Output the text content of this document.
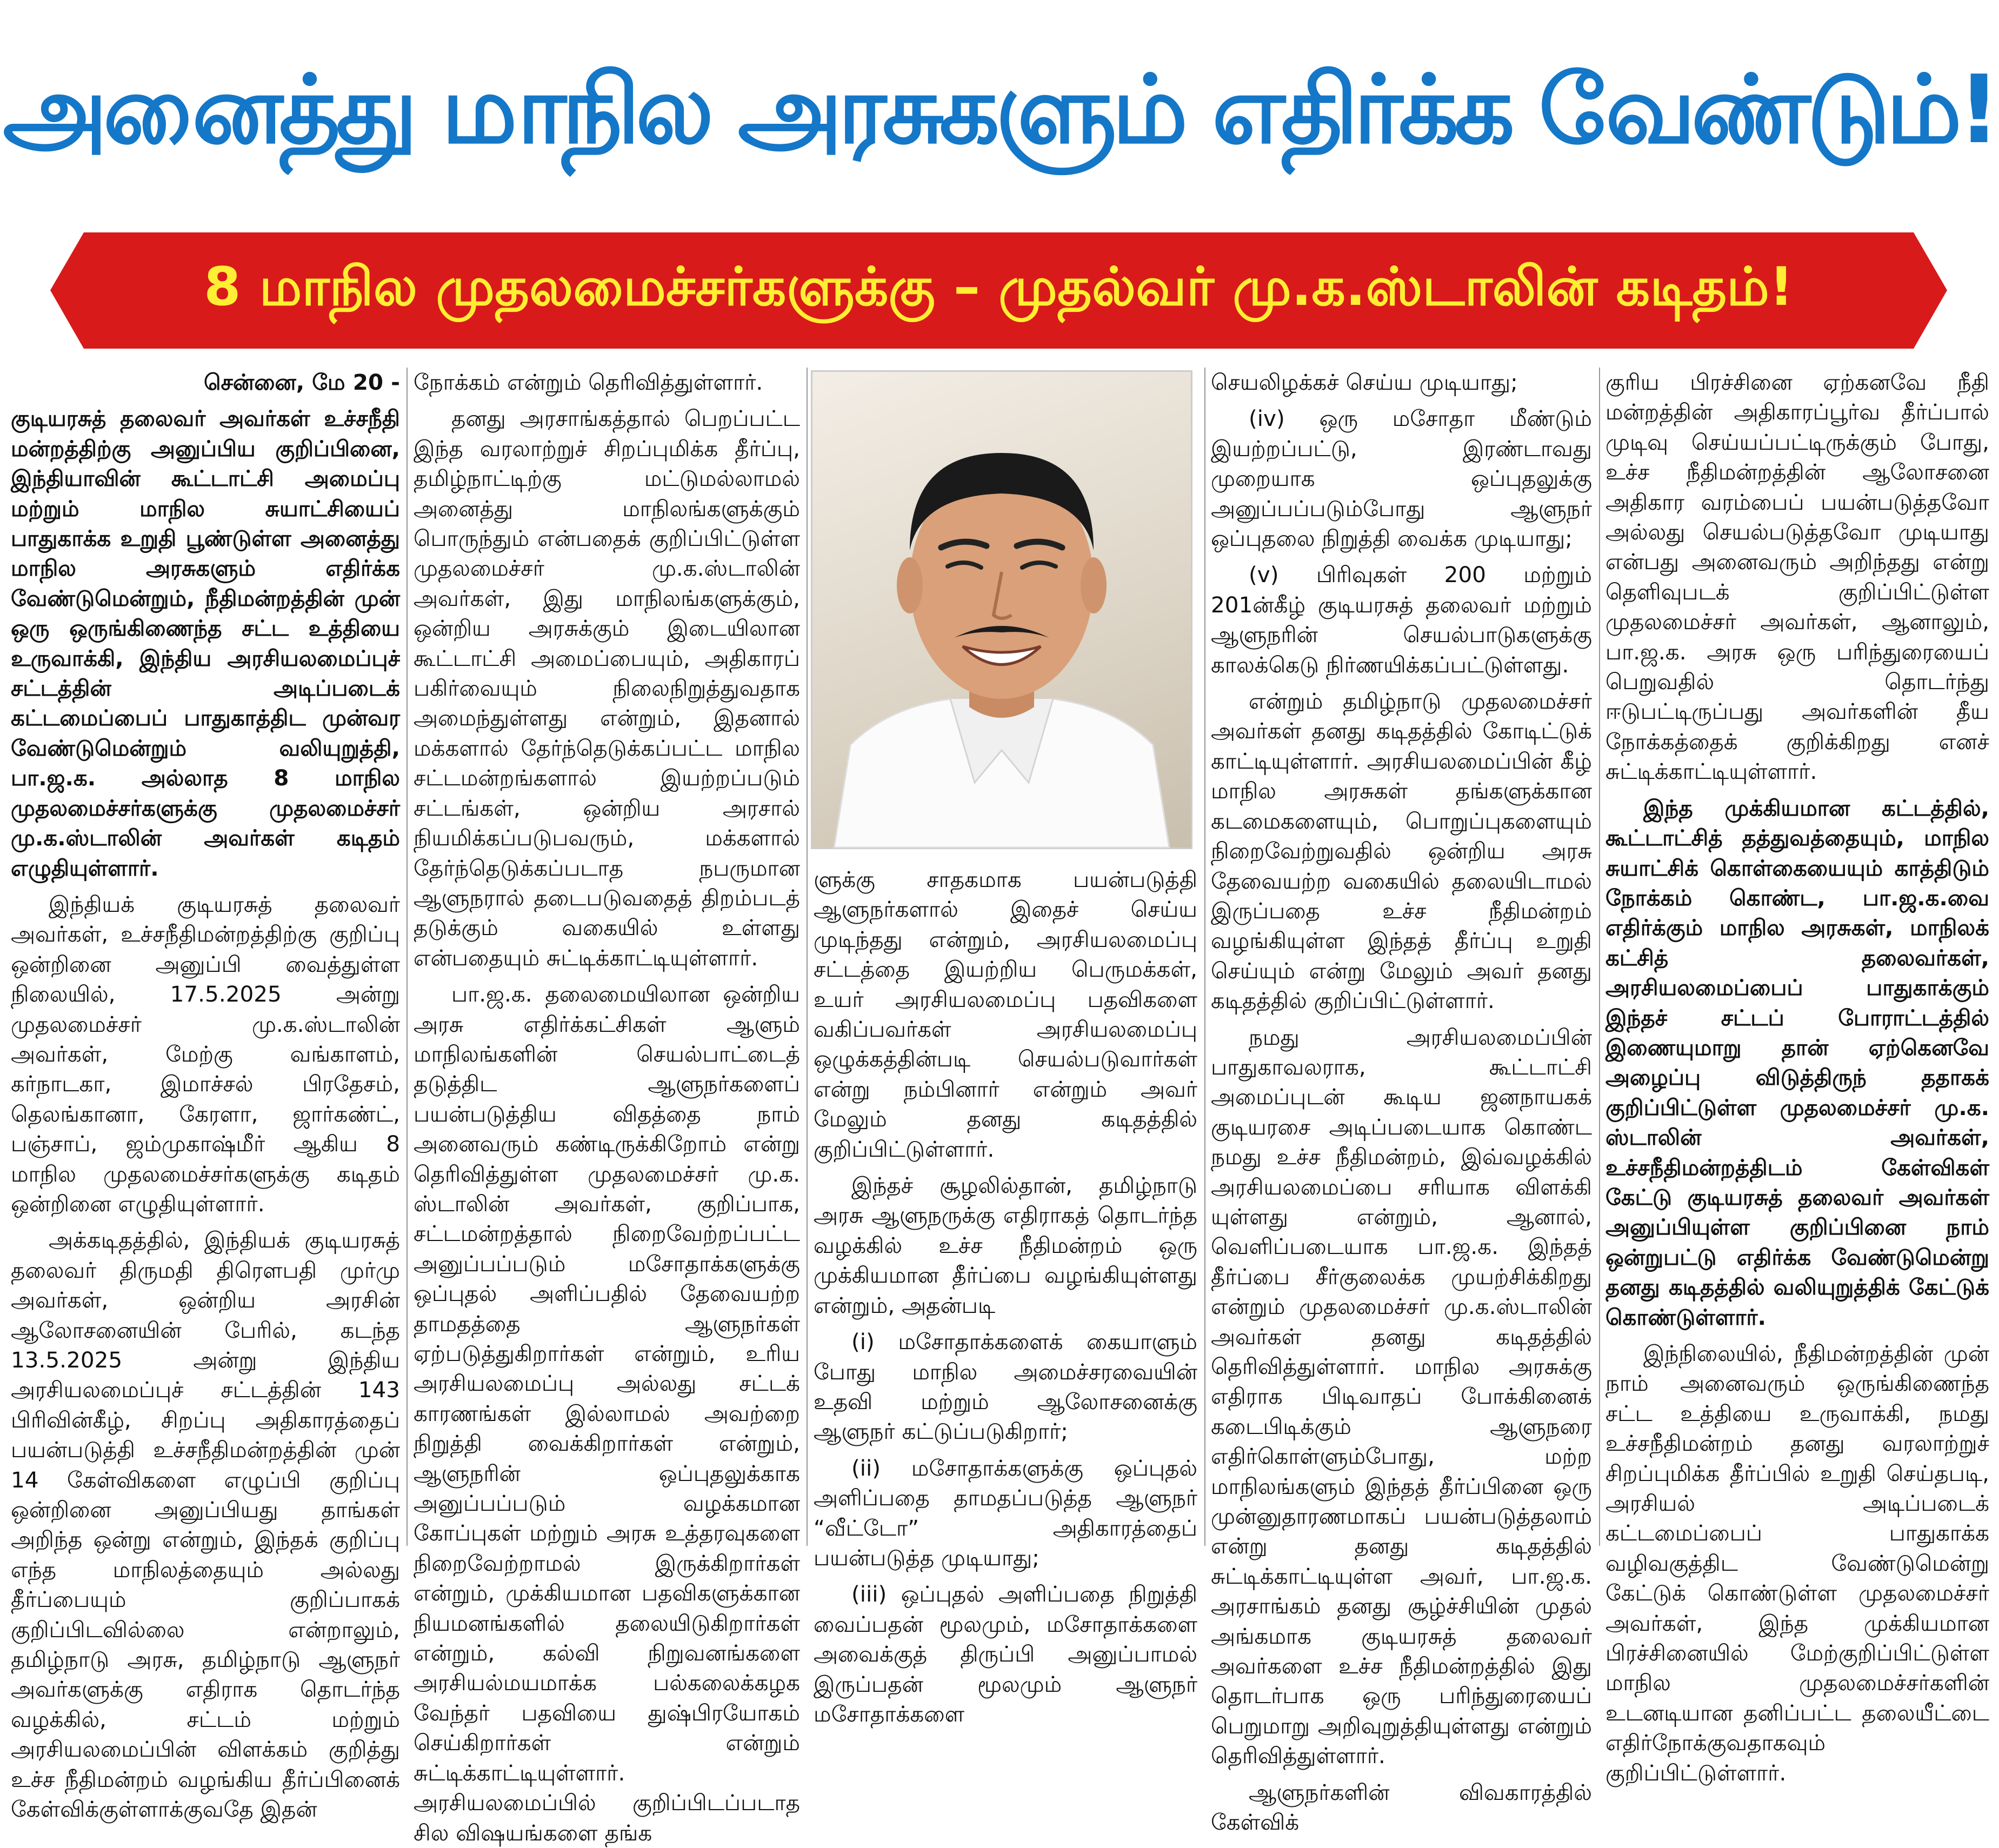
அனைத்து மாநில அரசுகளும் எதிர்க்க வேண்டும்!
8 மாநில முதலமைச்சர்களுக்கு – முதல்வர் மு.க.ஸ்டாலின் கடிதம்!

சென்னை, மே 20 -

குடியரசுத் தலைவர் அவர்கள் உச்சநீதி மன்றத்திற்கு அனுப்பிய குறிப்பினை, இந்தியாவின் கூட்டாட்சி அமைப்பு மற்றும் மாநில சுயாட்சியைப் பாதுகாக்க உறுதி பூண்டுள்ள அனைத்து மாநில அரசுகளும் எதிர்க்க வேண்டுமென்றும், நீதிமன்றத்தின் முன் ஒரு ஒருங்கிணைந்த சட்ட உத்தியை உருவாக்கி, இந்திய அரசியலமைப்புச் சட்டத்தின் அடிப்படைக் கட்டமைப்பைப் பாதுகாத்திட முன்வர வேண்டுமென்றும் வலியுறுத்தி, பா.ஜ.க. அல்லாத 8 மாநில முதலமைச்சர்களுக்கு முதலமைச்சர் மு.க.ஸ்டாலின் அவர்கள் கடிதம் எழுதியுள்ளார்.

இந்தியக் குடியரசுத் தலைவர் அவர்கள், உச்சநீதிமன்றத்திற்கு குறிப்பு ஒன்றினை அனுப்பி வைத்துள்ள நிலையில், 17.5.2025 அன்று முதலமைச்சர் மு.க.ஸ்டாலின் அவர்கள், மேற்கு வங்காளம், கர்நாடகா, இமாச்சல் பிரதேசம், தெலங்கானா, கேரளா, ஜார்கண்ட், பஞ்சாப், ஜம்முகாஷ்மீர் ஆகிய 8 மாநில முதலமைச்சர்களுக்கு கடிதம் ஒன்றினை எழுதியுள்ளார்.

அக்கடிதத்தில், இந்தியக் குடியரசுத் தலைவர் திருமதி திரௌபதி முர்மு அவர்கள், ஒன்றிய அரசின் ஆலோசனையின் பேரில், கடந்த 13.5.2025 அன்று இந்திய அரசியலமைப்புச் சட்டத்தின் 143 பிரிவின்கீழ், சிறப்பு அதிகாரத்தைப் பயன்படுத்தி உச்சநீதிமன்றத்தின் முன் 14 கேள்விகளை எழுப்பி குறிப்பு ஒன்றினை அனுப்பியது தாங்கள் அறிந்த ஒன்று என்றும், இந்தக் குறிப்பு எந்த மாநிலத்தையும் அல்லது தீர்ப்பையும் குறிப்பாகக் குறிப்பிடவில்லை என்றாலும், தமிழ்நாடு அரசு, தமிழ்நாடு ஆளுநர் அவர்களுக்கு எதிராக தொடர்ந்த வழக்கில், சட்டம் மற்றும் அரசியலமைப்பின் விளக்கம் குறித்து உச்ச நீதிமன்றம் வழங்கிய தீர்ப்பினைக் கேள்விக்குள்ளாக்குவதே இதன்

நோக்கம் என்றும் தெரிவித்துள்ளார்.

தனது அரசாங்கத்தால் பெறப்பட்ட இந்த வரலாற்றுச் சிறப்புமிக்க தீர்ப்பு, தமிழ்நாட்டிற்கு மட்டுமல்லாமல் அனைத்து மாநிலங்களுக்கும் பொருந்தும் என்பதைக் குறிப்பிட்டுள்ள முதலமைச்சர் மு.க.ஸ்டாலின் அவர்கள், இது மாநிலங்களுக்கும், ஒன்றிய அரசுக்கும் இடையிலான கூட்டாட்சி அமைப்பையும், அதிகாரப் பகிர்வையும் நிலைநிறுத்துவதாக அமைந்துள்ளது என்றும், இதனால் மக்களால் தேர்ந்தெடுக்கப்பட்ட மாநில சட்டமன்றங்களால் இயற்றப்படும் சட்டங்கள், ஒன்றிய அரசால் நியமிக்கப்படுபவரும், மக்களால் தேர்ந்தெடுக்கப்படாத நபருமான ஆளுநரால் தடைபடுவதைத் திறம்படத் தடுக்கும் வகையில் உள்ளது என்பதையும் சுட்டிக்காட்டியுள்ளார்.

பா.ஜ.க. தலைமையிலான ஒன்றிய அரசு எதிர்க்கட்சிகள் ஆளும் மாநிலங்களின் செயல்பாட்டைத் தடுத்திட ஆளுநர்களைப் பயன்படுத்திய விதத்தை நாம் அனைவரும் கண்டிருக்கிறோம் என்று தெரிவித்துள்ள முதலமைச்சர் மு.க. ஸ்டாலின் அவர்கள், குறிப்பாக, சட்டமன்றத்தால் நிறைவேற்றப்பட்ட அனுப்பப்படும் மசோதாக்களுக்கு ஒப்புதல் அளிப்பதில் தேவையற்ற தாமதத்தை ஆளுநர்கள் ஏற்படுத்துகிறார்கள் என்றும், உரிய அரசியலமைப்பு அல்லது சட்டக் காரணங்கள் இல்லாமல் அவற்றை நிறுத்தி வைக்கிறார்கள் என்றும், ஆளுநரின் ஒப்புதலுக்காக அனுப்பப்படும் வழக்கமான கோப்புகள் மற்றும் அரசு உத்தரவுகளை நிறைவேற்றாமல் இருக்கிறார்கள் என்றும், முக்கியமான பதவிகளுக்கான நியமனங்களில் தலையிடுகிறார்கள் என்றும், கல்வி நிறுவனங்களை அரசியல்மயமாக்க பல்கலைக்கழக வேந்தர் பதவியை துஷ்பிரயோகம் செய்கிறார்கள் என்றும் சுட்டிக்காட்டியுள்ளார். அரசியலமைப்பில் குறிப்பிடப்படாத சில விஷயங்களை தங்க

ளுக்கு சாதகமாக பயன்படுத்தி ஆளுநர்களால் இதைச் செய்ய முடிந்தது என்றும், அரசியலமைப்பு சட்டத்தை இயற்றிய பெருமக்கள், உயர் அரசியலமைப்பு பதவிகளை வகிப்பவர்கள் அரசியலமைப்பு ஒழுக்கத்தின்படி செயல்படுவார்கள் என்று நம்பினார் என்றும் அவர் மேலும் தனது கடிதத்தில் குறிப்பிட்டுள்ளார்.

இந்தச் சூழலில்தான், தமிழ்நாடு அரசு ஆளுநருக்கு எதிராகத் தொடர்ந்த வழக்கில் உச்ச நீதிமன்றம் ஒரு முக்கியமான தீர்ப்பை வழங்கியுள்ளது என்றும், அதன்படி

(i) மசோதாக்களைக் கையாளும் போது மாநில அமைச்சரவையின் உதவி மற்றும் ஆலோசனைக்கு ஆளுநர் கட்டுப்படுகிறார்;

(ii) மசோதாக்களுக்கு ஒப்புதல் அளிப்பதை தாமதப்படுத்த ஆளுநர் “வீட்டோ” அதிகாரத்தைப் பயன்படுத்த முடியாது;

(iii) ஒப்புதல் அளிப்பதை நிறுத்தி வைப்பதன் மூலமும், மசோதாக்களை அவைக்குத் திருப்பி அனுப்பாமல் இருப்பதன் மூலமும் ஆளுநர் மசோதாக்களை

செயலிழக்கச் செய்ய முடியாது;

(iv) ஒரு மசோதா மீண்டும் இயற்றப்பட்டு, இரண்டாவது முறையாக ஒப்புதலுக்கு அனுப்பப்படும்போது ஆளுநர் ஒப்புதலை நிறுத்தி வைக்க முடியாது;

(v) பிரிவுகள் 200 மற்றும் 201ன்கீழ் குடியரசுத் தலைவர் மற்றும் ஆளுநரின் செயல்பாடுகளுக்கு காலக்கெடு நிர்ணயிக்கப்பட்டுள்ளது.

என்றும் தமிழ்நாடு முதலமைச்சர் அவர்கள் தனது கடிதத்தில் கோடிட்டுக் காட்டியுள்ளார். அரசியலமைப்பின் கீழ் மாநில அரசுகள் தங்களுக்கான கடமைகளையும், பொறுப்புகளையும் நிறைவேற்றுவதில் ஒன்றிய அரசு தேவையற்ற வகையில் தலையிடாமல் இருப்பதை உச்ச நீதிமன்றம் வழங்கியுள்ள இந்தத் தீர்ப்பு உறுதி செய்யும் என்று மேலும் அவர் தனது கடிதத்தில் குறிப்பிட்டுள்ளார்.

நமது அரசியலமைப்பின் பாதுகாவலராக, கூட்டாட்சி அமைப்புடன் கூடிய ஜனநாயகக் குடியரசை அடிப்படையாக கொண்ட நமது உச்ச நீதிமன்றம், இவ்வழக்கில் அரசியலமைப்பை சரியாக விளக்கி யுள்ளது என்றும், ஆனால், வெளிப்படையாக பா.ஜ.க. இந்தத் தீர்ப்பை சீர்குலைக்க முயற்சிக்கிறது என்றும் முதலமைச்சர் மு.க.ஸ்டாலின் அவர்கள் தனது கடிதத்தில் தெரிவித்துள்ளார். மாநில அரசுக்கு எதிராக பிடிவாதப் போக்கினைக் கடைபிடிக்கும் ஆளுநரை எதிர்கொள்ளும்போது, மற்ற மாநிலங்களும் இந்தத் தீர்ப்பினை ஒரு முன்னுதாரணமாகப் பயன்படுத்தலாம் என்று தனது கடிதத்தில் சுட்டிக்காட்டியுள்ள அவர், பா.ஜ.க. அரசாங்கம் தனது சூழ்ச்சியின் முதல் அங்கமாக குடியரசுத் தலைவர் அவர்களை உச்ச நீதிமன்றத்தில் இது தொடர்பாக ஒரு பரிந்துரையைப் பெறுமாறு அறிவுறுத்தியுள்ளது என்றும் தெரிவித்துள்ளார்.

ஆளுநர்களின் விவகாரத்தில் கேள்விக்

குரிய பிரச்சினை ஏற்கனவே நீதி மன்றத்தின் அதிகாரப்பூர்வ தீர்ப்பால் முடிவு செய்யப்பட்டிருக்கும் போது, உச்ச நீதிமன்றத்தின் ஆலோசனை அதிகார வரம்பைப் பயன்படுத்தவோ அல்லது செயல்படுத்தவோ முடியாது என்பது அனைவரும் அறிந்தது என்று தெளிவுபடக் குறிப்பிட்டுள்ள முதலமைச்சர் அவர்கள், ஆனாலும், பா.ஜ.க. அரசு ஒரு பரிந்துரையைப் பெறுவதில் தொடர்ந்து ஈடுபட்டிருப்பது அவர்களின் தீய நோக்கத்தைக் குறிக்கிறது எனச் சுட்டிக்காட்டியுள்ளார்.

இந்த முக்கியமான கட்டத்தில், கூட்டாட்சித் தத்துவத்தையும், மாநில சுயாட்சிக் கொள்கையையும் காத்திடும் நோக்கம் கொண்ட, பா.ஜ.க.வை எதிர்க்கும் மாநில அரசுகள், மாநிலக் கட்சித் தலைவர்கள், அரசியலமைப்பைப் பாதுகாக்கும் இந்தச் சட்டப் போராட்டத்தில் இணையுமாறு தான் ஏற்கெனவே அழைப்பு விடுத்திருந் ததாகக் குறிப்பிட்டுள்ள முதலமைச்சர் மு.க. ஸ்டாலின் அவர்கள், உச்சநீதிமன்றத்திடம் கேள்விகள் கேட்டு குடியரசுத் தலைவர் அவர்கள் அனுப்பியுள்ள குறிப்பினை நாம் ஒன்றுபட்டு எதிர்க்க வேண்டுமென்று தனது கடிதத்தில் வலியுறுத்திக் கேட்டுக் கொண்டுள்ளார்.

இந்நிலையில், நீதிமன்றத்தின் முன் நாம் அனைவரும் ஒருங்கிணைந்த சட்ட உத்தியை உருவாக்கி, நமது உச்சநீதிமன்றம் தனது வரலாற்றுச் சிறப்புமிக்க தீர்ப்பில் உறுதி செய்தபடி, அரசியல் அடிப்படைக் கட்டமைப்பைப் பாதுகாக்க வழிவகுத்திட வேண்டுமென்று கேட்டுக் கொண்டுள்ள முதலமைச்சர் அவர்கள், இந்த முக்கியமான பிரச்சினையில் மேற்குறிப்பிட்டுள்ள மாநில முதலமைச்சர்களின் உடனடியான தனிப்பட்ட தலையீட்டை எதிர்நோக்குவதாகவும் குறிப்பிட்டுள்ளார்.
